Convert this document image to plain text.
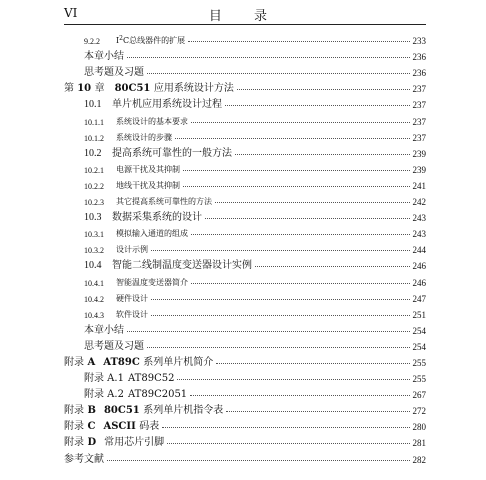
VI	目 录
9.2.2	$I^2C$总线器件的扩展	233
本章小结	236
思考题及习题	236
第 10 章	80C51 应用系统设计方法	237
10.1	单片机应用系统设计过程	237
10.1.1	系统设计的基本要求	237
10.1.2	系统设计的步骤	237
10.2	提高系统可靠性的一般方法	239
10.2.1	电源干扰及其抑制	239
10.2.2	地线干扰及其抑制	241
10.2.3	其它提高系统可靠性的方法	242
10.3	数据采集系统的设计	243
10.3.1	模拟输入通道的组成	243
10.3.2	设计示例	244
10.4	智能二线制温度变送器设计实例	246
10.4.1	智能温度变送器简介	246
10.4.2	硬件设计	247
10.4.3	软件设计	251
本章小结	254
思考题及习题	254
附录 A AT89C 系列单片机简介	255
附录 A.1 AT89C52	255
附录 A.2 AT89C2051	267
附录 B 80C51 系列单片机指令表	272
附录 C ASCII 码表	280
附录 D 常用芯片引脚	281
参考文献	282
